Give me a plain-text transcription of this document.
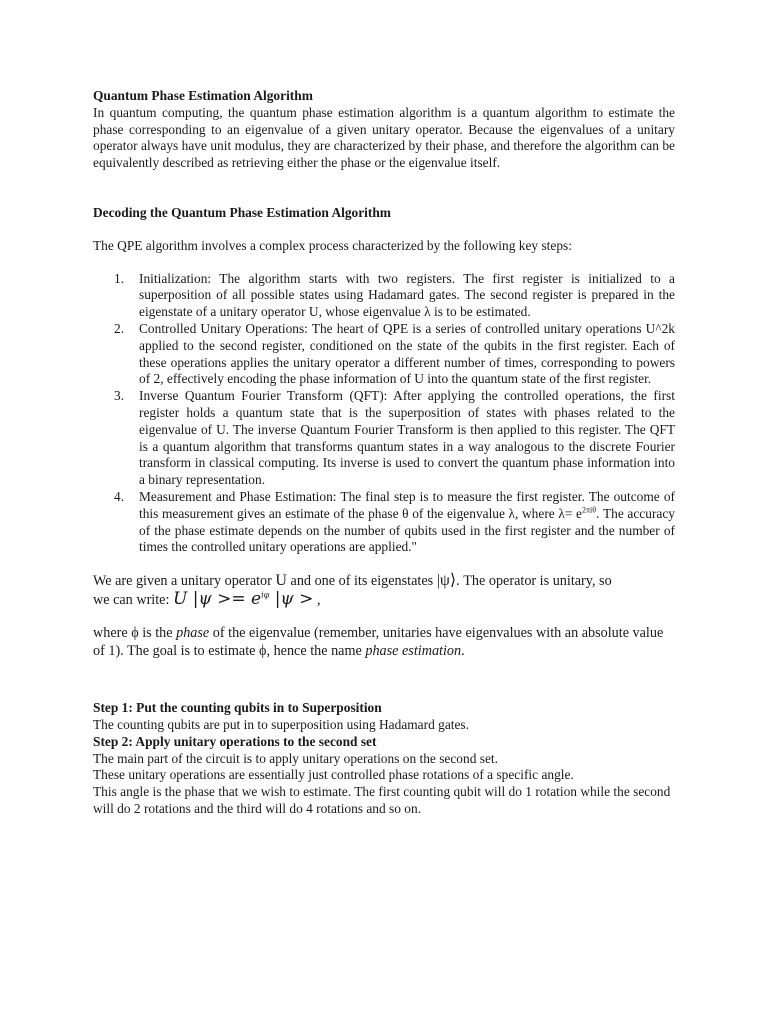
Quantum Phase Estimation Algorithm

In quantum computing, the quantum phase estimation algorithm is a quantum algorithm to estimate the phase corresponding to an eigenvalue of a given unitary operator. Because the eigenvalues of a unitary operator always have unit modulus, they are characterized by their phase, and therefore the algorithm can be equivalently described as retrieving either the phase or the eigenvalue itself.

Decoding the Quantum Phase Estimation Algorithm

The QPE algorithm involves a complex process characterized by the following key steps:

1. Initialization: The algorithm starts with two registers. The first register is initialized to a superposition of all possible states using Hadamard gates. The second register is prepared in the eigenstate of a unitary operator U, whose eigenvalue λ is to be estimated.
2. Controlled Unitary Operations: The heart of QPE is a series of controlled unitary operations U^2k applied to the second register, conditioned on the state of the qubits in the first register. Each of these operations applies the unitary operator a different number of times, corresponding to powers of 2, effectively encoding the phase information of U into the quantum state of the first register.
3. Inverse Quantum Fourier Transform (QFT): After applying the controlled operations, the first register holds a quantum state that is the superposition of states with phases related to the eigenvalue of U. The inverse Quantum Fourier Transform is then applied to this register. The QFT is a quantum algorithm that transforms quantum states in a way analogous to the discrete Fourier transform in classical computing. Its inverse is used to convert the quantum phase information into a binary representation.
4. Measurement and Phase Estimation: The final step is to measure the first register. The outcome of this measurement gives an estimate of the phase θ of the eigenvalue λ, where $\lambda= e^{2\pi i\theta}$. The accuracy of the phase estimate depends on the number of qubits used in the first register and the number of times the controlled unitary operations are applied."

We are given a unitary operator U and one of its eigenstates |ψ⟩. The operator is unitary, so
we can write: U $|\psi >= e^{i\varphi}$ |ψ > ,

where ϕ is the phase of the eigenvalue (remember, unitaries have eigenvalues with an absolute value of 1). The goal is to estimate ϕ, hence the name phase estimation.

Step 1: Put the counting qubits in to Superposition

The counting qubits are put in to superposition using Hadamard gates.

Step 2: Apply unitary operations to the second set

The main part of the circuit is to apply unitary operations on the second set.

These unitary operations are essentially just controlled phase rotations of a specific angle.

This angle is the phase that we wish to estimate. The first counting qubit will do 1 rotation while the second will do 2 rotations and the third will do 4 rotations and so on.
